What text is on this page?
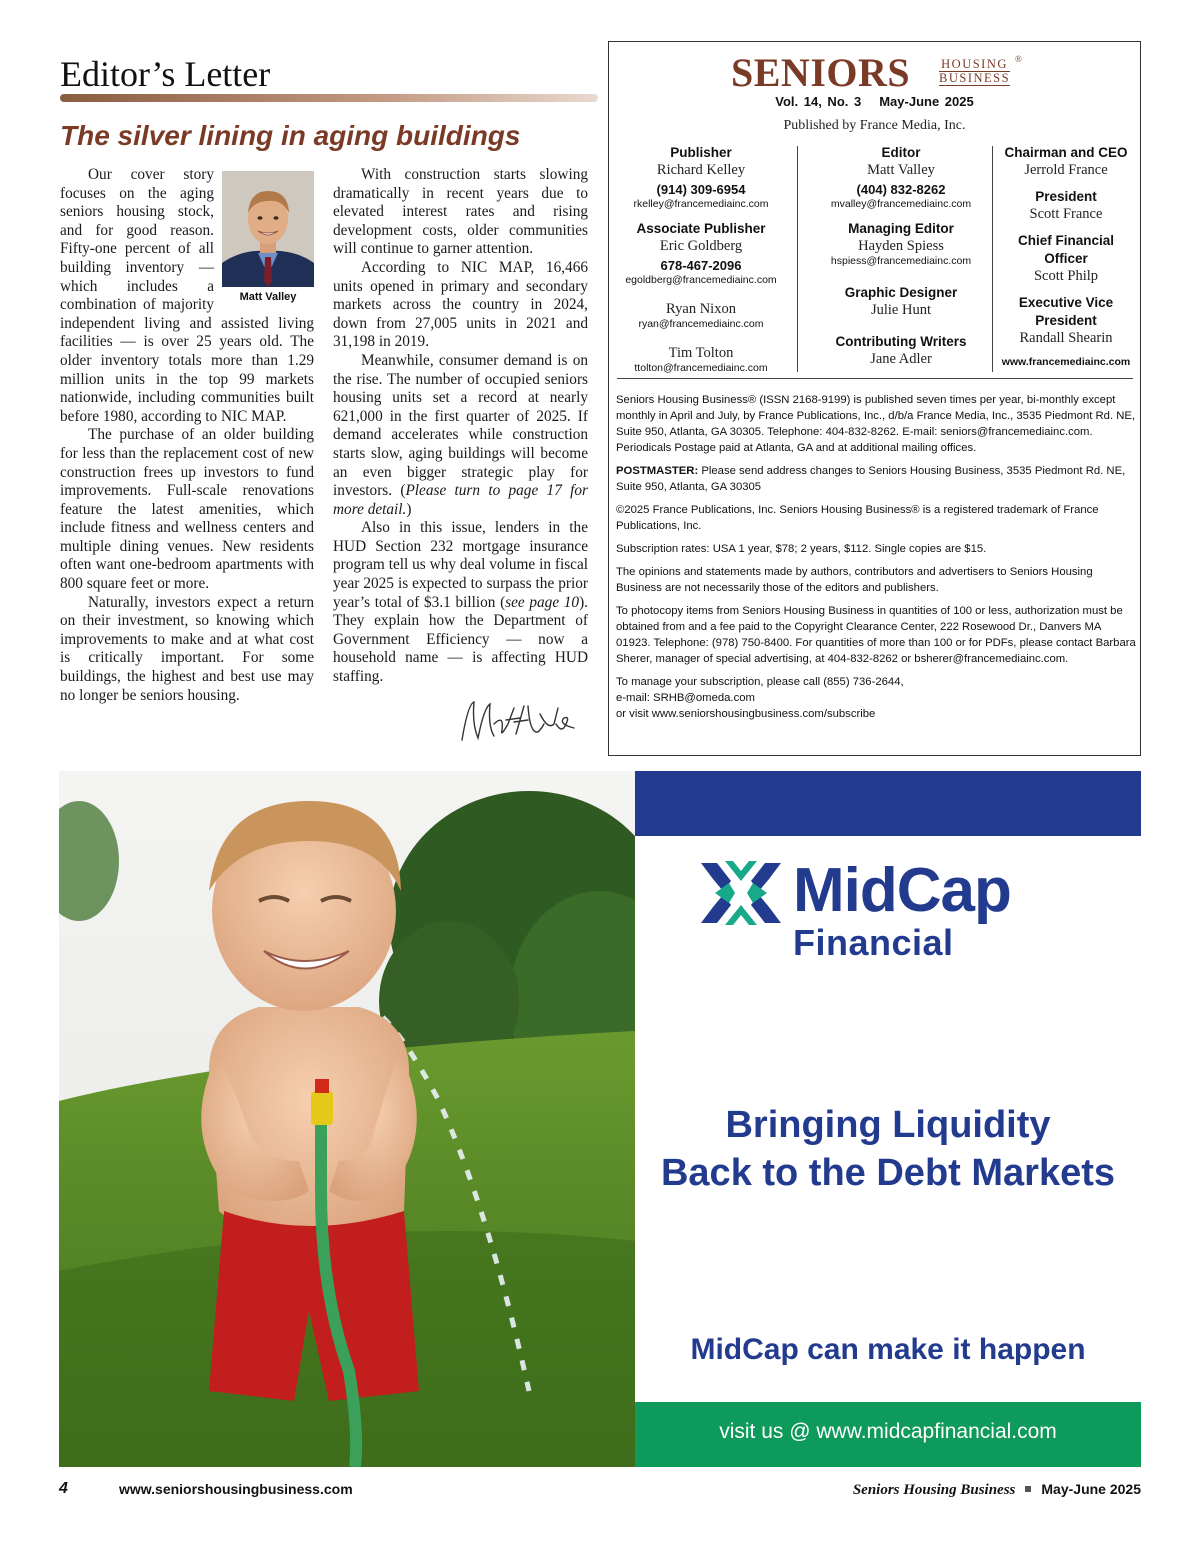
Editor’s Letter
The silver lining in aging buildings
Matt Valley

Our cover story focuses on the aging seniors housing stock, and for good reason. Fifty-one percent of all building inventory — which includes a combination of majority independent living and assisted living facilities — is over 25 years old. The older inventory totals more than 1.29 million units in the top 99 markets nationwide, including communities built before 1980, according to NIC MAP.

The purchase of an older building for less than the replacement cost of new construction frees up investors to fund improvements. Full-scale renovations feature the latest amenities, which include fitness and wellness centers and multiple dining venues. New residents often want one-bedroom apartments with 800 square feet or more.

Naturally, investors expect a return on their investment, so knowing which improvements to make and at what cost is critically important. For some buildings, the highest and best use may no longer be seniors housing.

With construction starts slowing dramatically in recent years due to elevated interest rates and rising development costs, older communities will continue to garner attention.

According to NIC MAP, 16,466 units opened in primary and secondary markets across the country in 2024, down from 27,005 units in 2021 and 31,198 in 2019.

Meanwhile, consumer demand is on the rise. The number of occupied seniors housing units set a record at nearly 621,000 in the first quarter of 2025. If demand accelerates while construction starts slow, aging buildings will become an even bigger strategic play for investors. (Please turn to page 17 for more detail.)

Also in this issue, lenders in the HUD Section 232 mortgage insurance program tell us why deal volume in fiscal year 2025 is expected to surpass the prior year’s total of $3.1 billion (see page 10). They explain how the Department of Government Efficiency — now a household name — is affecting HUD staffing.

SENIORS HOUSING
BUSINESS
®
Vol. 14, No. 3 May-June 2025
Published by France Media, Inc.
Publisher
Richard Kelley
(914) 309-6954
rkelley@francemediainc.com
Associate Publisher
Eric Goldberg
678-467-2096
egoldberg@francemediainc.com
Ryan Nixon
ryan@francemediainc.com
Tim Tolton
ttolton@francemediainc.com
Editor
Matt Valley
(404) 832-8262
mvalley@francemediainc.com
Managing Editor
Hayden Spiess
hspiess@francemediainc.com
Graphic Designer
Julie Hunt
Contributing Writers
Jane Adler
Chairman and CEO
Jerrold France
President
Scott France
Chief Financial
Officer
Scott Philp
Executive Vice
President
Randall Shearin
www.francemediainc.com

Seniors Housing Business® (ISSN 2168-9199) is published seven times per year, bi-monthly except monthly in April and July, by France Publications, Inc., d/b/a France Media, Inc., 3535 Piedmont Rd. NE, Suite 950, Atlanta, GA 30305. Telephone: 404-832-8262. E-mail: seniors@francemediainc.com. Periodicals Postage paid at Atlanta, GA and at additional mailing offices.

POSTMASTER: Please send address changes to Seniors Housing Business, 3535 Piedmont Rd. NE, Suite 950, Atlanta, GA 30305

©2025 France Publications, Inc. Seniors Housing Business® is a registered trademark of France Publications, Inc.

Subscription rates: USA 1 year, $78; 2 years, $112. Single copies are $15.

The opinions and statements made by authors, contributors and advertisers to Seniors Housing Business are not necessarily those of the editors and publishers.

To photocopy items from Seniors Housing Business in quantities of 100 or less, authorization must be obtained from and a fee paid to the Copyright Clearance Center, 222 Rosewood Dr., Danvers MA 01923. Telephone: (978) 750-8400. For quantities of more than 100 or for PDFs, please contact Barbara Sherer, manager of special advertising, at 404-832-8262 or bsherer@francemediainc.com.

To manage your subscription, please call (855) 736-2644,
e-mail: SRHB@omeda.com
or visit www.seniorshousingbusiness.com/subscribe

MidCap
Financial
Bringing Liquidity
Back to the Debt Markets
MidCap can make it happen
visit us @ www.midcapfinancial.com
4	www.seniorshousingbusiness.com	Seniors Housing Business May-June 2025
